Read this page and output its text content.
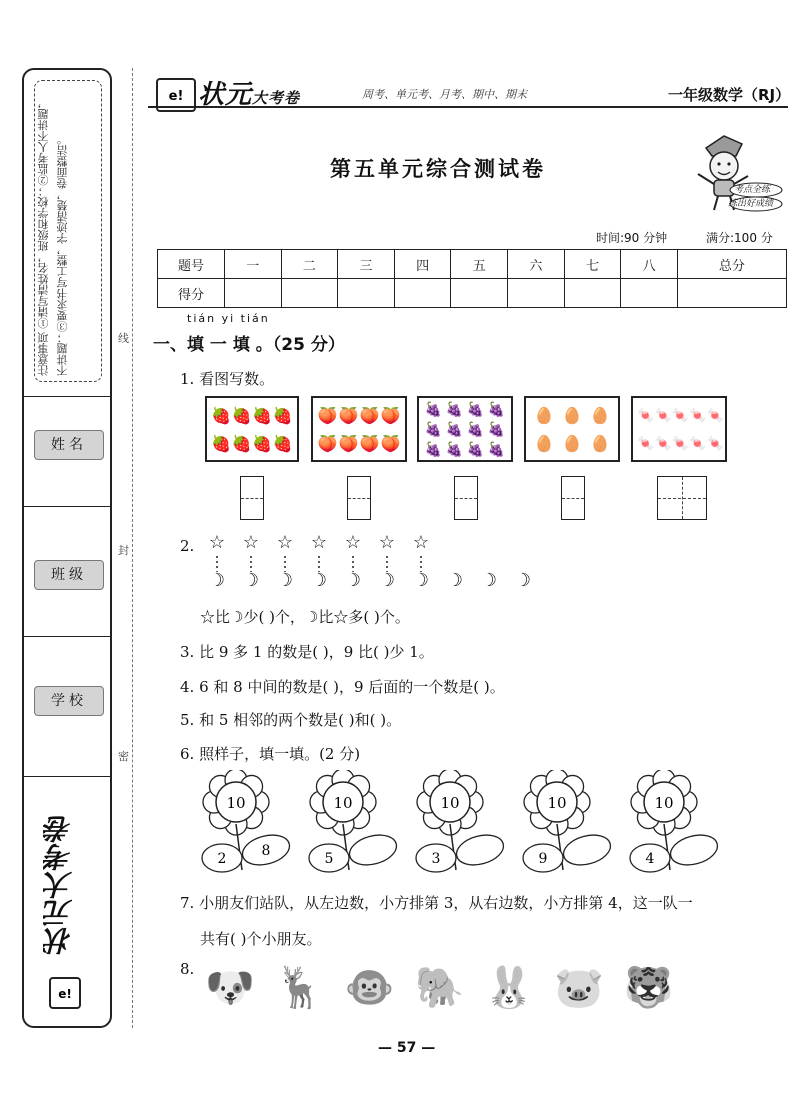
注意事项 ①请写清姓名，班级和学校；②监考人不讲题，不讲题；③要求书写工整，字迹清楚，卷面整洁。
姓名
班级
学校
e!
状元大考卷
线
封
密
e! 状元大考卷	周考、单元考、月考、期中、期末	一年级数学（RJ）
第五单元综合测试卷
考点全练
练出好成绩
时间:90 分钟	满分:100 分
题号	一	二	三	四	五	六	七	八	总分
得分									
tián yi tián
一、填 一 填 。（25 分）
1. 看图写数。
🍓 🍓 🍓 🍓
🍓 🍓 🍓 🍓
🍑 🍑 🍑 🍑
🍑 🍑 🍑 🍑
🍇 🍇 🍇 🍇
🍇 🍇 🍇 🍇
🍇 🍇 🍇 🍇
🥚 🥚 🥚
🥚 🥚 🥚
🍬 🍬 🍬 🍬 🍬
🍬 🍬 🍬 🍬 🍬
2. ☆ ☆ ☆ ☆ ☆ ☆ ☆
☽ ☽ ☽ ☽ ☽ ☽ ☽ ☽ ☽ ☽
☆比☽少( )个，☽比☆多( )个。
3. 比 9 多 1 的数是( )，9 比( )少 1。
4. 6 和 8 中间的数是( )，9 后面的一个数是( )。
5. 和 5 相邻的两个数是( )和( )。
6. 照样子，填一填。(2 分)
10
2	8
10
5
10
3
10
9
10
4
7. 小朋友们站队，从左边数，小方排第 3，从右边数，小方排第 4，这一队一
共有( )个小朋友。
8. 🐶 🦌 🐵 🐘 🐰 🐷 🐯
— 57 —
